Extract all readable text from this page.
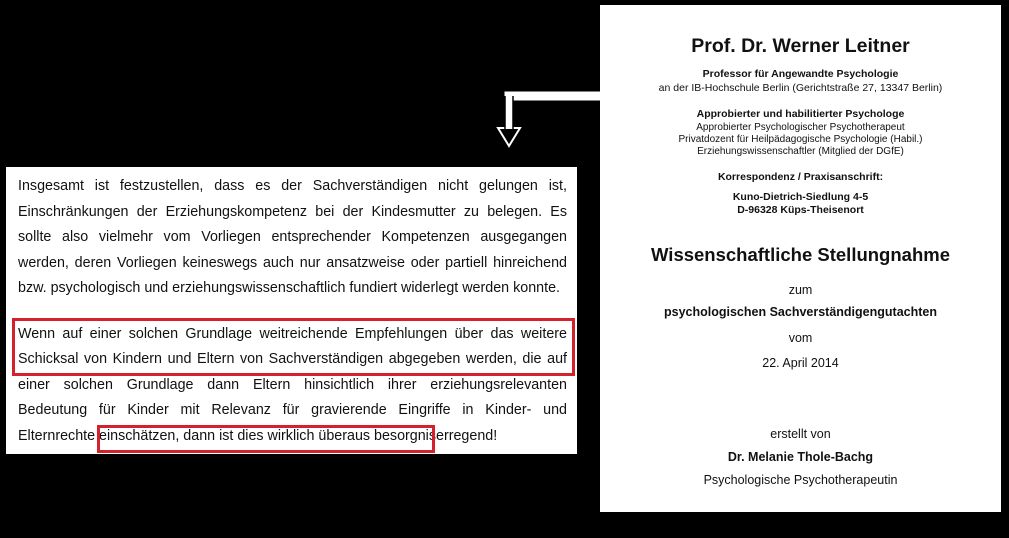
Insgesamt ist festzustellen, dass es der Sachverständigen nicht gelungen ist, Einschränkungen der Erziehungskompetenz bei der Kindesmutter zu belegen. Es sollte also vielmehr vom Vorliegen entsprechender Kompetenzen ausgegangen werden, deren Vorliegen keineswegs auch nur ansatzweise oder partiell hinreichend bzw. psychologisch und erziehungswissenschaftlich fundiert widerlegt werden konnte.

Wenn auf einer solchen Grundlage weitreichende Empfehlungen über das weitere Schicksal von Kindern und Eltern von Sachverständigen abgegeben werden, die auf einer solchen Grundlage dann Eltern hinsichtlich ihrer erziehungsrelevanten Bedeutung für Kinder mit Relevanz für gravierende Eingriffe in Kinder- und Elternrechte einschätzen, dann ist dies wirklich überaus besorgniserregend!

Prof. Dr. Werner Leitner
Professor für Angewandte Psychologie
an der IB-Hochschule Berlin (Gerichtstraße 27, 13347 Berlin)
Approbierter und habilitierter Psychologe
Approbierter Psychologischer Psychotherapeut
Privatdozent für Heilpädagogische Psychologie (Habil.)
Erziehungswissenschaftler (Mitglied der DGfE)
Korrespondenz / Praxisanschrift:
Kuno-Dietrich-Siedlung 4-5
D-96328 Küps-Theisenort
Wissenschaftliche Stellungnahme
zum
psychologischen Sachverständigengutachten
vom
22. April 2014
erstellt von
Dr. Melanie Thole-Bachg
Psychologische Psychotherapeutin
